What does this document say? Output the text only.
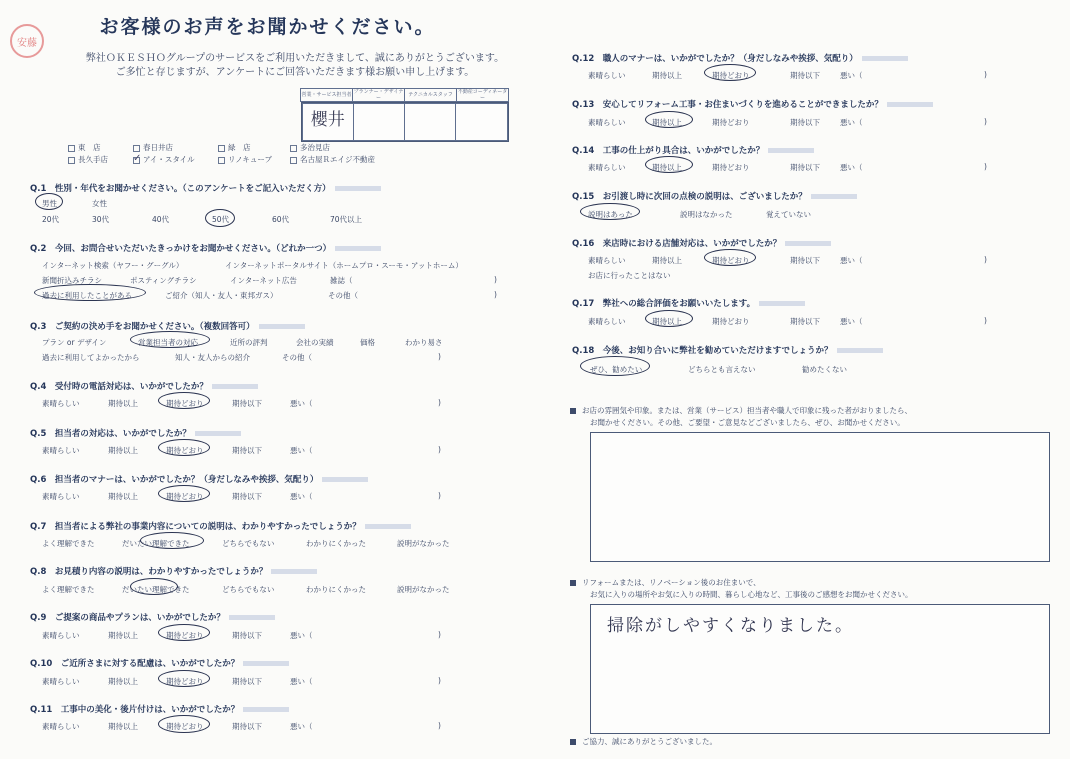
安藤
お客様のお声をお聞かせください。
弊社ＯＫＥＳＨＯグループのサービスをご利用いただきまして、誠にありがとうございます。
ご多忙と存じますが、アンケートにご回答いただきます様お願い申し上げます。
営業・サービス担当者	プランナー・デザイナー	テクニカルスタッフ	不動産コーディネーター

櫻井			
東　店	春日井店	緑　店	多治見店
長久手店	✓ アイ・スタイル	リノキューブ	名古屋Ｒエイジ不動産
Q.1　性別・年代をお聞かせください。（このアンケートをご記入いただく方）
男性	女性
20代	30代	40代	50代	60代	70代以上
Q.2　今回、お問合せいただいたきっかけをお聞かせください。（どれか一つ）
インターネット検索（ヤフー・グーグル）	インターネットポータルサイト（ホームプロ・スーモ・アットホーム）
新聞折込みチラシ	ポスティングチラシ	インターネット広告	雑誌（	)
過去に利用したことがある	ご紹介（知人・友人・東邦ガス）	その他（	)
Q.3　ご契約の決め手をお聞かせください。（複数回答可）
プラン or デザイン	営業担当者の対応	近所の評判	会社の実績	価格	わかり易さ
過去に利用してよかったから	知人・友人からの紹介	その他（	)
Q.4　受付時の電話対応は、いかがでしたか？
素晴らしい	期待以上	期待どおり	期待以下	悪い（	)
Q.5　担当者の対応は、いかがでしたか？
素晴らしい	期待以上	期待どおり	期待以下	悪い（	)
Q.6　担当者のマナーは、いかがでしたか？（身だしなみや挨拶、気配り）
素晴らしい	期待以上	期待どおり	期待以下	悪い（	)
Q.7　担当者による弊社の事業内容についての説明は、わかりやすかったでしょうか？
よく理解できた	だいたい理解できた	どちらでもない	わかりにくかった	説明がなかった
Q.8　お見積り内容の説明は、わかりやすかったでしょうか？
よく理解できた	だいたい理解できた	どちらでもない	わかりにくかった	説明がなかった
Q.9　ご提案の商品やプランは、いかがでしたか？
素晴らしい	期待以上	期待どおり	期待以下	悪い（	)
Q.10　ご近所さまに対する配慮は、いかがでしたか？
素晴らしい	期待以上	期待どおり	期待以下	悪い（	)
Q.11　工事中の美化・後片付けは、いかがでしたか？
素晴らしい	期待以上	期待どおり	期待以下	悪い（	)
Q.12　職人のマナーは、いかがでしたか？（身だしなみや挨拶、気配り）
素晴らしい	期待以上	期待どおり	期待以下	悪い（	)
Q.13　安心してリフォーム工事・お住まいづくりを進めることができましたか？
素晴らしい	期待以上	期待どおり	期待以下	悪い（	)
Q.14　工事の仕上がり具合は、いかがでしたか？
素晴らしい	期待以上	期待どおり	期待以下	悪い（	)
Q.15　お引渡し時に次回の点検の説明は、ございましたか？
説明はあった	説明はなかった	覚えていない
Q.16　来店時における店舗対応は、いかがでしたか？
素晴らしい	期待以上	期待どおり	期待以下	悪い（	)
お店に行ったことはない
Q.17　弊社への総合評価をお願いいたします。
素晴らしい	期待以上	期待どおり	期待以下	悪い（	)
Q.18　今後、お知り合いに弊社を勧めていただけますでしょうか？
ぜひ、勧めたい	どちらとも言えない	勧めたくない
お店の雰囲気や印象。または、営業（サービス）担当者や職人で印象に残った者がおりましたら、
お聞かせください。その他、ご要望・ご意見などございましたら、ぜひ、お聞かせください。
リフォームまたは、リノベーション後のお住まいで、
お気に入りの場所やお気に入りの時間、暮らし心地など、工事後のご感想をお聞かせください。
掃除がしやすくなりました。
ご協力、誠にありがとうございました。
